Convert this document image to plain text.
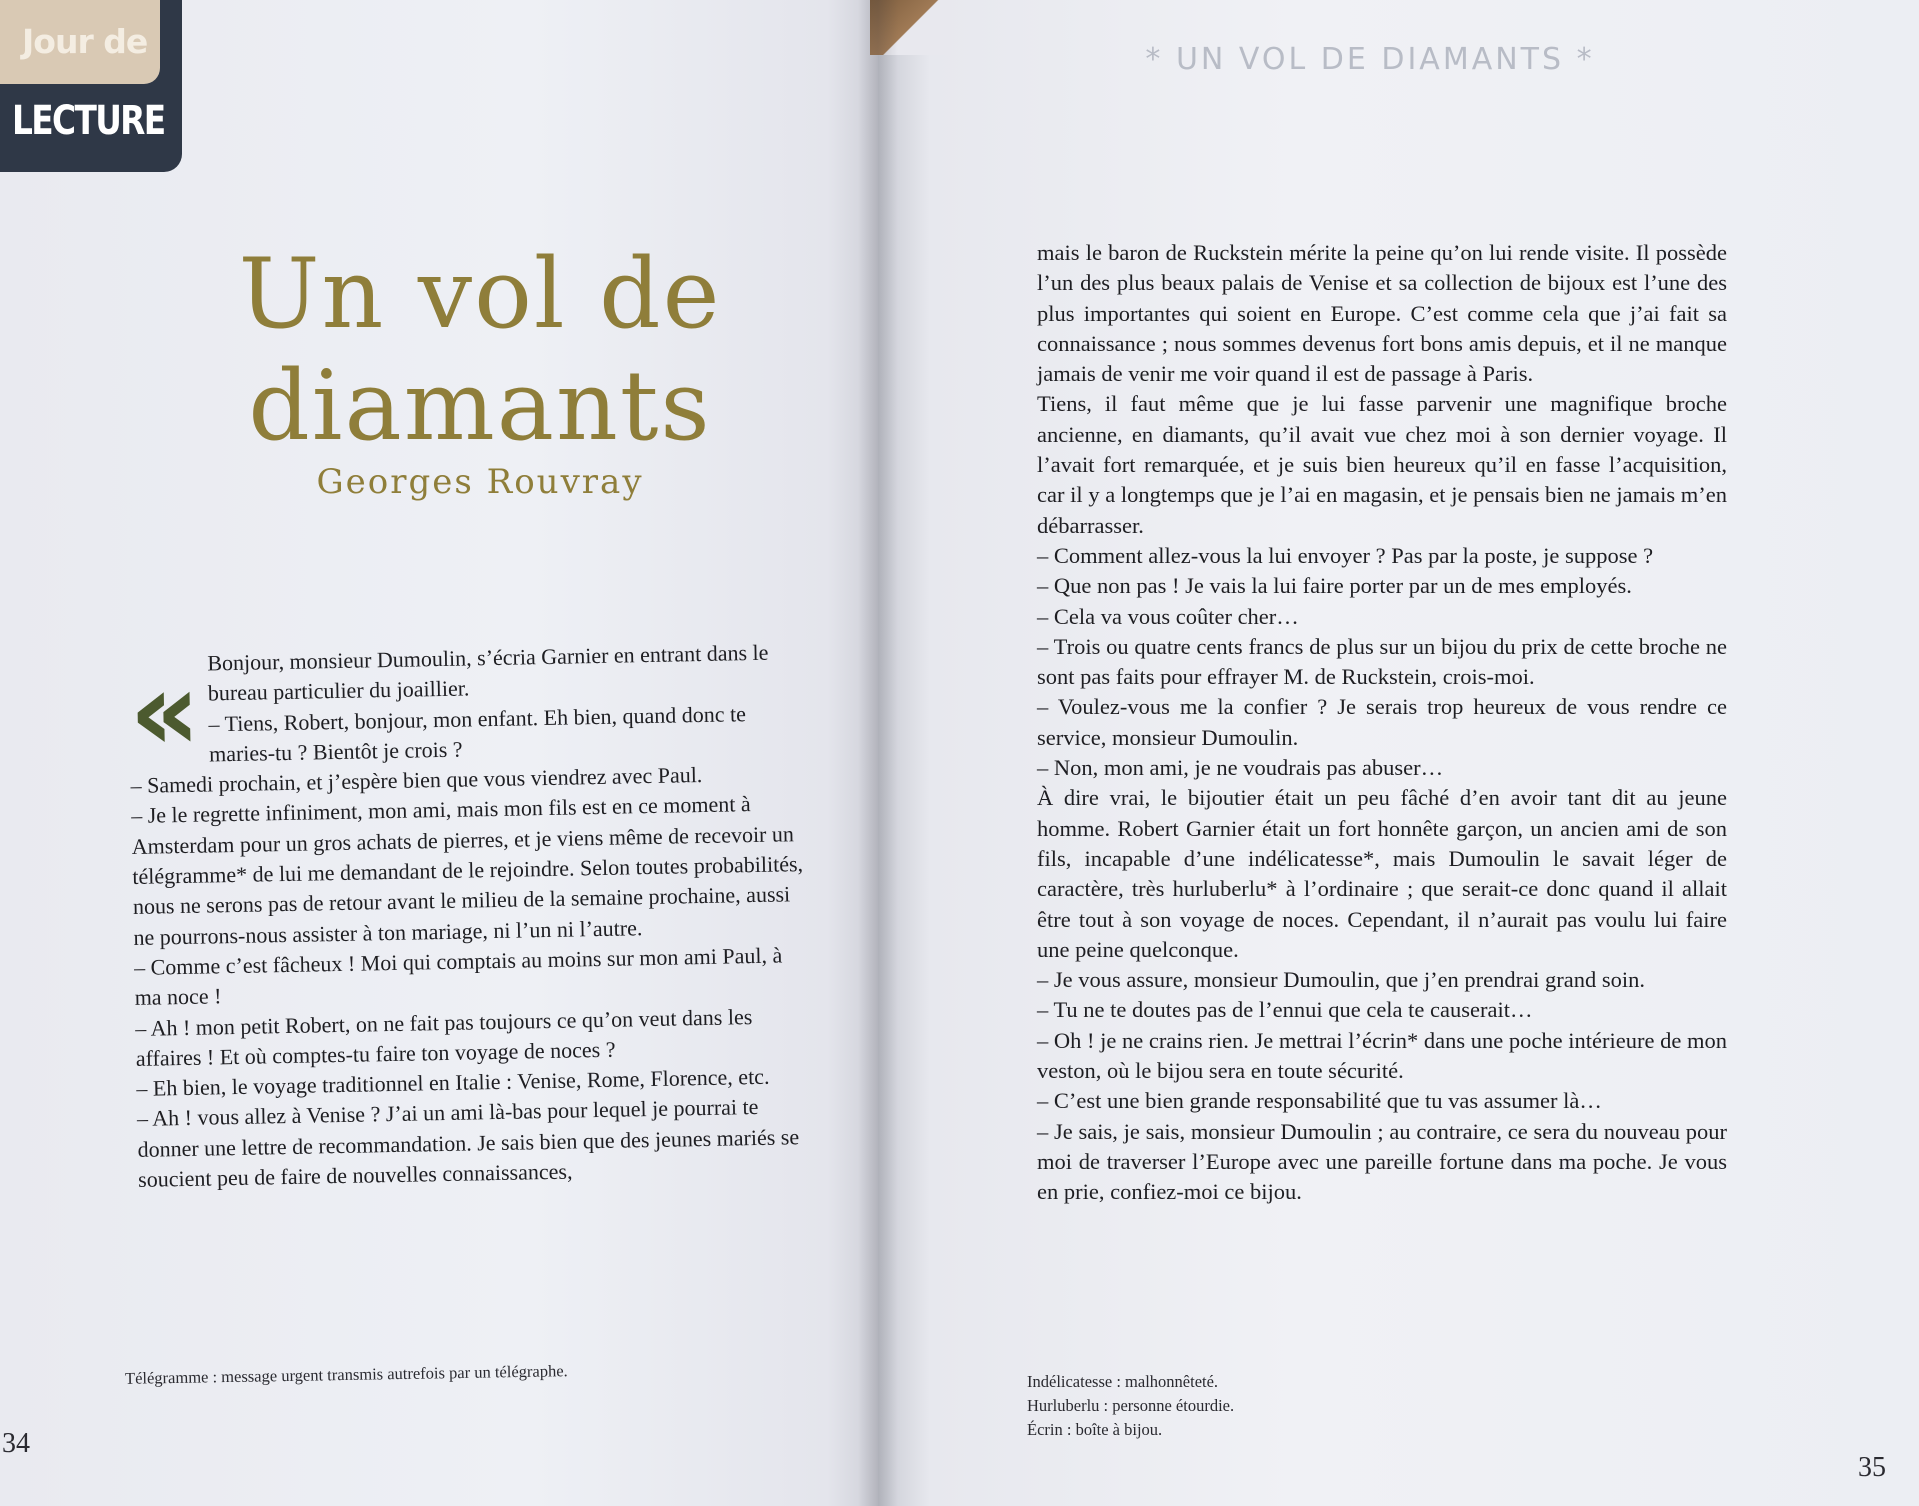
Jour de
LECTURE
Un vol de diamants
Georges Rouvray
« Bonjour, monsieur Dumoulin, s’écria Garnier en entrant dans le bureau particulier du joaillier.

– Tiens, Robert, bonjour, mon enfant. Eh bien, quand donc te maries-tu ? Bientôt je crois ?

– Samedi prochain, et j’espère bien que vous viendrez avec Paul.

– Je le regrette infiniment, mon ami, mais mon fils est en ce moment à Amsterdam pour un gros achats de pierres, et je viens même de recevoir un télégramme* de lui me demandant de le rejoindre. Selon toutes probabilités, nous ne serons pas de retour avant le milieu de la semaine prochaine, aussi ne pourrons-nous assister à ton mariage, ni l’un ni l’autre.

– Comme c’est fâcheux ! Moi qui comptais au moins sur mon ami Paul, à ma noce !

– Ah ! mon petit Robert, on ne fait pas toujours ce qu’on veut dans les affaires ! Et où comptes-tu faire ton voyage de noces ?

– Eh bien, le voyage traditionnel en Italie : Venise, Rome, Florence, etc.

– Ah ! vous allez à Venise ? J’ai un ami là-bas pour lequel je pourrai te donner une lettre de recommandation. Je sais bien que des jeunes mariés se soucient peu de faire de nouvelles connaissances,

Télégramme : message urgent transmis autrefois par un télégraphe.
34
* UN VOL DE DIAMANTS *

mais le baron de Ruckstein mérite la peine qu’on lui rende visite. Il possède l’un des plus beaux palais de Venise et sa collection de bijoux est l’une des plus importantes qui soient en Europe. C’est comme cela que j’ai fait sa connaissance ; nous sommes devenus fort bons amis depuis, et il ne manque jamais de venir me voir quand il est de passage à Paris.

Tiens, il faut même que je lui fasse parvenir une magnifique broche ancienne, en diamants, qu’il avait vue chez moi à son dernier voyage. Il l’avait fort remarquée, et je suis bien heureux qu’il en fasse l’acquisition, car il y a longtemps que je l’ai en magasin, et je pensais bien ne jamais m’en débarrasser.

– Comment allez-vous la lui envoyer ? Pas par la poste, je suppose ?

– Que non pas ! Je vais la lui faire porter par un de mes employés.

– Cela va vous coûter cher…

– Trois ou quatre cents francs de plus sur un bijou du prix de cette broche ne sont pas faits pour effrayer M. de Ruckstein, crois-moi.

– Voulez-vous me la confier ? Je serais trop heureux de vous rendre ce service, monsieur Dumoulin.

– Non, mon ami, je ne voudrais pas abuser…

À dire vrai, le bijoutier était un peu fâché d’en avoir tant dit au jeune homme. Robert Garnier était un fort honnête garçon, un ancien ami de son fils, incapable d’une indélicatesse*, mais Dumoulin le savait léger de caractère, très hurluberlu* à l’ordinaire ; que serait-ce donc quand il allait être tout à son voyage de noces. Cependant, il n’aurait pas voulu lui faire une peine quelconque.

– Je vous assure, monsieur Dumoulin, que j’en prendrai grand soin.

– Tu ne te doutes pas de l’ennui que cela te causerait…

– Oh ! je ne crains rien. Je mettrai l’écrin* dans une poche intérieure de mon veston, où le bijou sera en toute sécurité.

– C’est une bien grande responsabilité que tu vas assumer là…

– Je sais, je sais, monsieur Dumoulin ; au contraire, ce sera du nouveau pour moi de traverser l’Europe avec une pareille fortune dans ma poche. Je vous en prie, confiez-moi ce bijou.

Indélicatesse : malhonnêteté.
Hurluberlu : personne étourdie.
Écrin : boîte à bijou.
35
